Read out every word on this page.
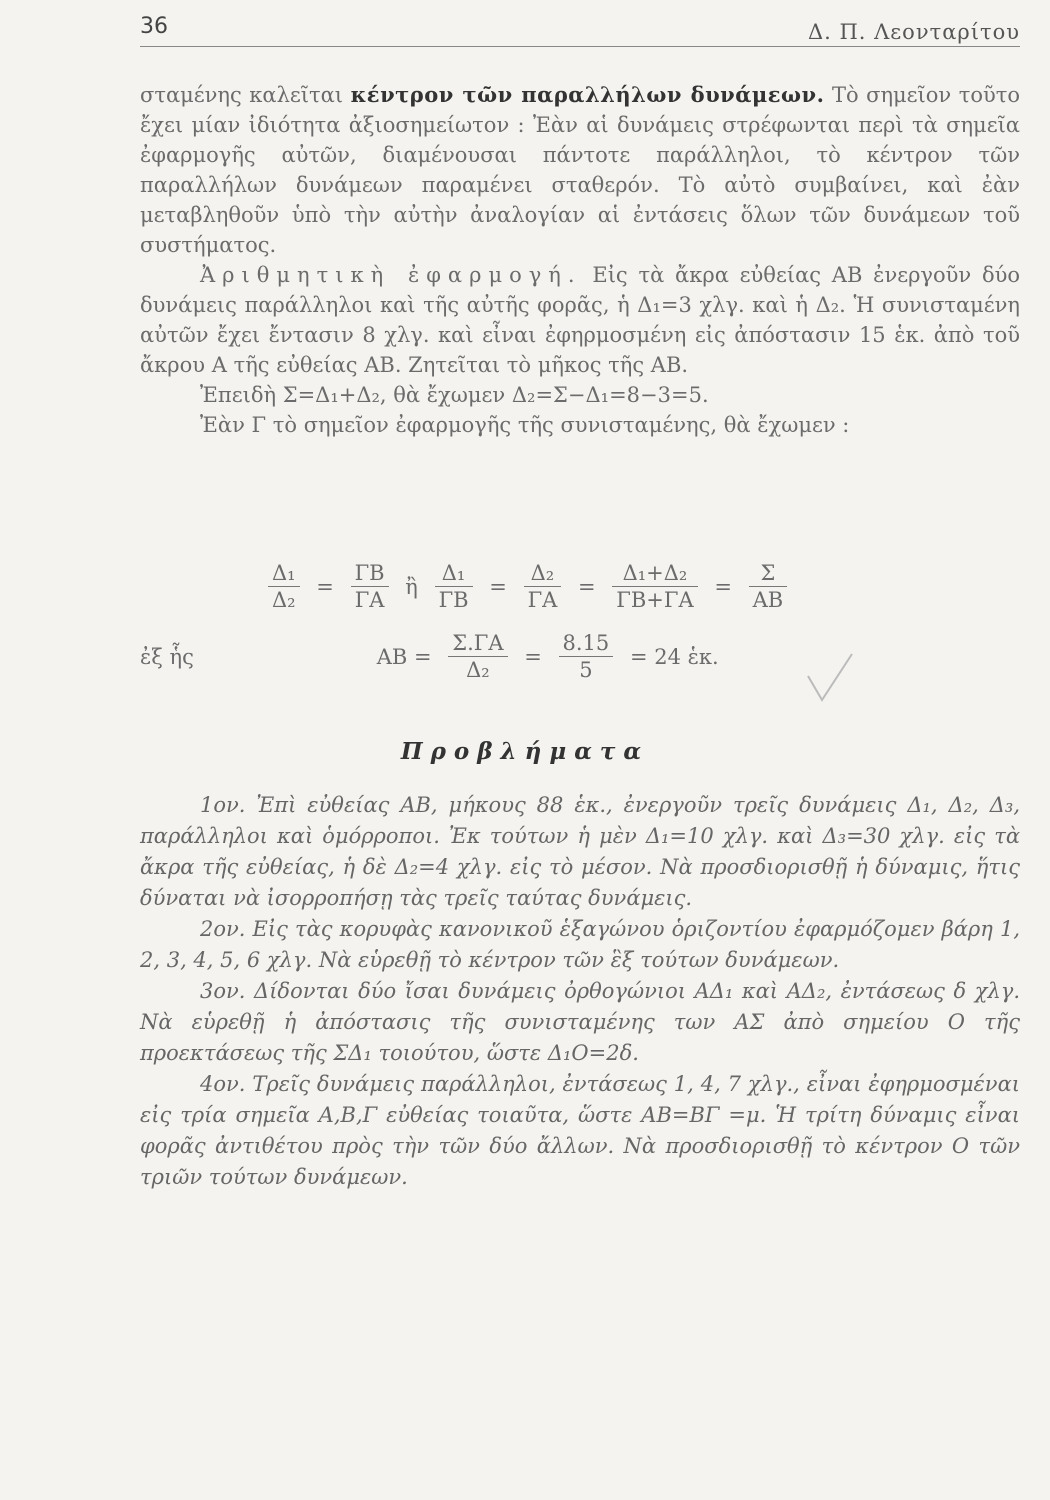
36	Δ. Π. Λεονταρίτου

σταμένης καλεῖται κέντρον τῶν παραλλήλων δυνάμεων. Τὸ σημεῖον τοῦτο ἔχει μίαν ἰδιότητα ἀξιοσημείωτον : Ἐὰν αἱ δυνάμεις στρέφωνται περὶ τὰ σημεῖα ἐφαρμογῆς αὐτῶν, διαμένουσαι πάντοτε παράλληλοι, τὸ κέντρον τῶν παραλλήλων δυνάμεων παραμένει σταθερόν. Τὸ αὐτὸ συμβαίνει, καὶ ἐὰν μεταβληθοῦν ὑπὸ τὴν αὐτὴν ἀναλογίαν αἱ ἐντάσεις ὅλων τῶν δυνάμεων τοῦ συστήματος.

Ἀριθμητικὴ ἐφαρμογή. Εἰς τὰ ἄκρα εὐθείας ΑΒ ἐνεργοῦν δύο δυνάμεις παράλληλοι καὶ τῆς αὐτῆς φορᾶς, ἡ Δ₁=3 χλγ. καὶ ἡ Δ₂. Ἡ συνισταμένη αὐτῶν ἔχει ἔντασιν 8 χλγ. καὶ εἶναι ἐφηρμοσμένη εἰς ἀπόστασιν 15 ἑκ. ἀπὸ τοῦ ἄκρου Α τῆς εὐθείας ΑΒ. Ζητεῖται τὸ μῆκος τῆς ΑΒ.

Ἐπειδὴ Σ=Δ₁+Δ₂, θὰ ἔχωμεν Δ₂=Σ−Δ₁=8−3=5.

Ἐὰν Γ τὸ σημεῖον ἐφαρμογῆς τῆς συνισταμένης, θὰ ἔχωμεν :

$\frac{\text{Δ₁}}{\text{Δ₂}} = \frac{\Gamma B}{\Gamma A}$ ἢ $\frac{\text{Δ₁}}{\Gamma B} = \frac{\text{Δ₂}}{\Gamma A} = \frac{\text{Δ₁+Δ₂}}{\Gamma B+\Gamma A} = \frac{\Sigma}{AB}$
ἐξ ἧς	$AB = \frac{\Sigma.\Gamma A}{\text{Δ₂}} = \frac{8.15}{5} = 24$ ἑκ.
Προβλήματα

1ον. Ἐπὶ εὐθείας ΑΒ, μήκους 88 ἑκ., ἐνεργοῦν τρεῖς δυνάμεις Δ₁, Δ₂, Δ₃, παράλληλοι καὶ ὁμόρροποι. Ἐκ τούτων ἡ μὲν Δ₁=10 χλγ. καὶ Δ₃=30 χλγ. εἰς τὰ ἄκρα τῆς εὐθείας, ἡ δὲ Δ₂=4 χλγ. εἰς τὸ μέσον. Νὰ προσδιορισθῇ ἡ δύναμις, ἥτις δύναται νὰ ἰσορροπήσῃ τὰς τρεῖς ταύτας δυνάμεις.

2ον. Εἰς τὰς κορυφὰς κανονικοῦ ἑξαγώνου ὁριζοντίου ἐφαρμόζομεν βάρη 1, 2, 3, 4, 5, 6 χλγ. Νὰ εὑρεθῇ τὸ κέντρον τῶν ἓξ τούτων δυνάμεων.

3ον. Δίδονται δύο ἴσαι δυνάμεις ὀρθογώνιοι ΑΔ₁ καὶ ΑΔ₂, ἐντάσεως δ χλγ. Νὰ εὑρεθῇ ἡ ἀπόστασις τῆς συνισταμένης των ΑΣ ἀπὸ σημείου Ο τῆς προεκτάσεως τῆς ΣΔ₁ τοιούτου, ὥστε Δ₁Ο=2δ.

4ον. Τρεῖς δυνάμεις παράλληλοι, ἐντάσεως 1, 4, 7 χλγ., εἶναι ἐφηρμοσμέναι εἰς τρία σημεῖα Α,Β,Γ εὐθείας τοιαῦτα, ὥστε ΑΒ=ΒΓ =μ. Ἡ τρίτη δύναμις εἶναι φορᾶς ἀντιθέτου πρὸς τὴν τῶν δύο ἄλλων. Νὰ προσδιορισθῇ τὸ κέντρον Ο τῶν τριῶν τούτων δυνάμεων.
